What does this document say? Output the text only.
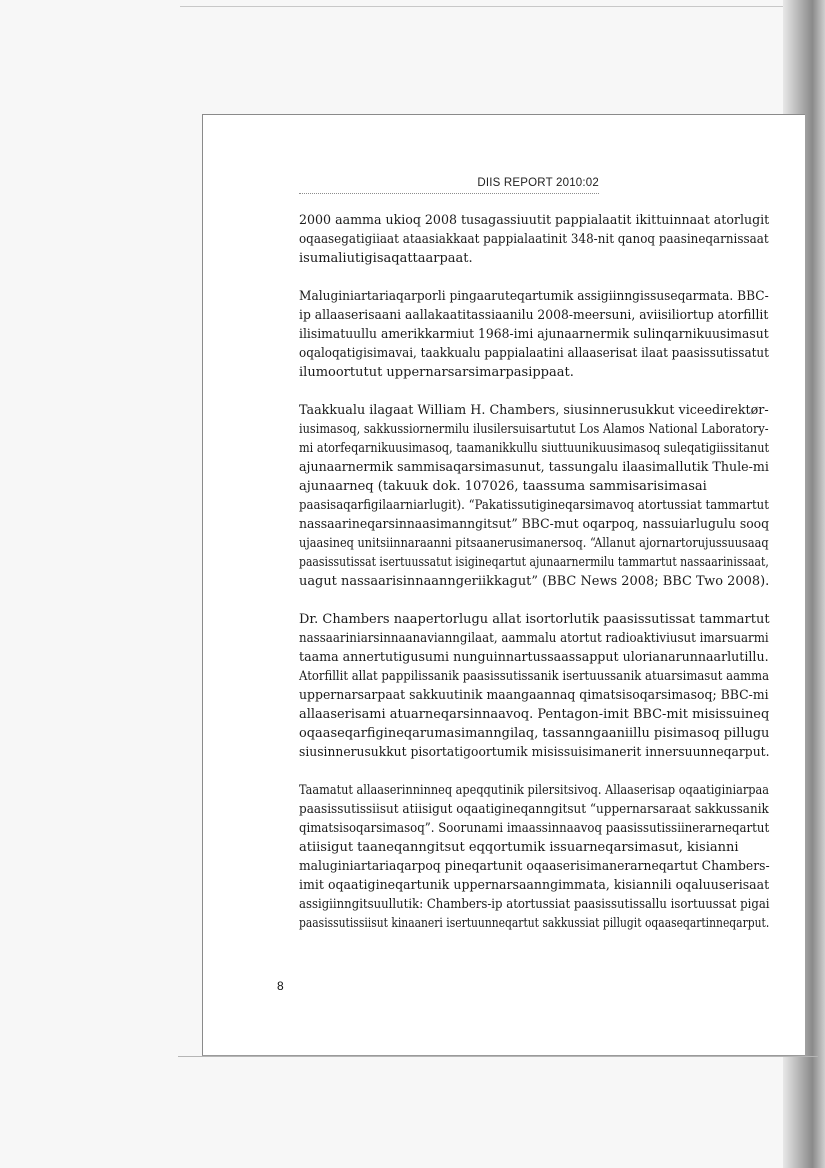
DIIS REPORT 2010:02

2000 aamma ukioq 2008 tusagassiuutit pappialaatit ikittuinnaat atorlugit

oqaasegatigiiaat ataasiakkaat pappialaatinit 348-nit qanoq paasineqarnissaat

isumaliutigisaqattaarpaat.

Maluginiartariaqarporli pingaaruteqartumik assigiinngissuseqarmata. BBC-

ip allaaserisaani aallakaatitassiaanilu 2008-meersuni, aviisiliortup atorfillit

ilisimatuullu amerikkarmiut 1968-imi ajunaarnermik sulinqarnikuusimasut

oqaloqatigisimavai, taakkualu pappialaatini allaaserisat ilaat paasissutissatut

ilumoortutut uppernarsarsimarpasippaat.

Taakkualu ilagaat William H. Chambers, siusinnerusukkut viceedirektør-

iusimasoq, sakkussiornermilu ilusilersuisartutut Los Alamos National Laboratory-

mi atorfeqarnikuusimasoq, taamanikkullu siuttuunikuusimasoq suleqatigiissitanut

ajunaarnermik sammisaqarsimasunut, tassungalu ilaasimallutik Thule-mi

ajunaarneq (takuuk dok. 107026, taassuma sammisarisimasai

paasisaqarfigilaarniarlugit). “Pakatissutigineqarsimavoq atortussiat tammartut

nassaarineqarsinnaasimanngitsut” BBC-mut oqarpoq, nassuiarlugulu sooq

ujaasineq unitsiinnaraanni pitsaanerusimanersoq. “Allanut ajornartorujussuusaaq

paasissutissat isertuussatut isigineqartut ajunaarnermilu tammartut nassaarinissaat,

uagut nassaarisinnaanngeriikkagut” (BBC News 2008; BBC Two 2008).

Dr. Chambers naapertorlugu allat isortorlutik paasissutissat tammartut

nassaariniarsinnaanavianngilaat, aammalu atortut radioaktiviusut imarsuarmi

taama annertutigusumi nunguinnartussaassapput ulorianarunnaarlutillu.

Atorfillit allat pappilissanik paasissutissanik isertuussanik atuarsimasut aamma

uppernarsarpaat sakkuutinik maangaannaq qimatsisoqarsimasoq; BBC-mi

allaaserisami atuarneqarsinnaavoq. Pentagon-imit BBC-mit misissuineq

oqaaseqarfigineqarumasimanngilaq, tassanngaaniillu pisimasoq pillugu

siusinnerusukkut pisortatigoortumik misissuisimanerit innersuunneqarput.

Taamatut allaaserinninneq apeqqutinik pilersitsivoq. Allaaserisap oqaatiginiarpaa

paasissutissiisut atiisigut oqaatigineqanngitsut “uppernarsaraat sakkussanik

qimatsisoqarsimasoq”. Soorunami imaassinnaavoq paasissutissiinerarneqartut

atiisigut taaneqanngitsut eqqortumik issuarneqarsimasut, kisianni

maluginiartariaqarpoq pineqartunit oqaaserisimanerarneqartut Chambers-

imit oqaatigineqartunik uppernarsaanngimmata, kisiannili oqaluuserisaat

assigiinngitsuullutik: Chambers-ip atortussiat paasissutissallu isortuussat pigai

paasissutissiisut kinaaneri isertuunneqartut sakkussiat pillugit oqaaseqartinneqarput.

8
